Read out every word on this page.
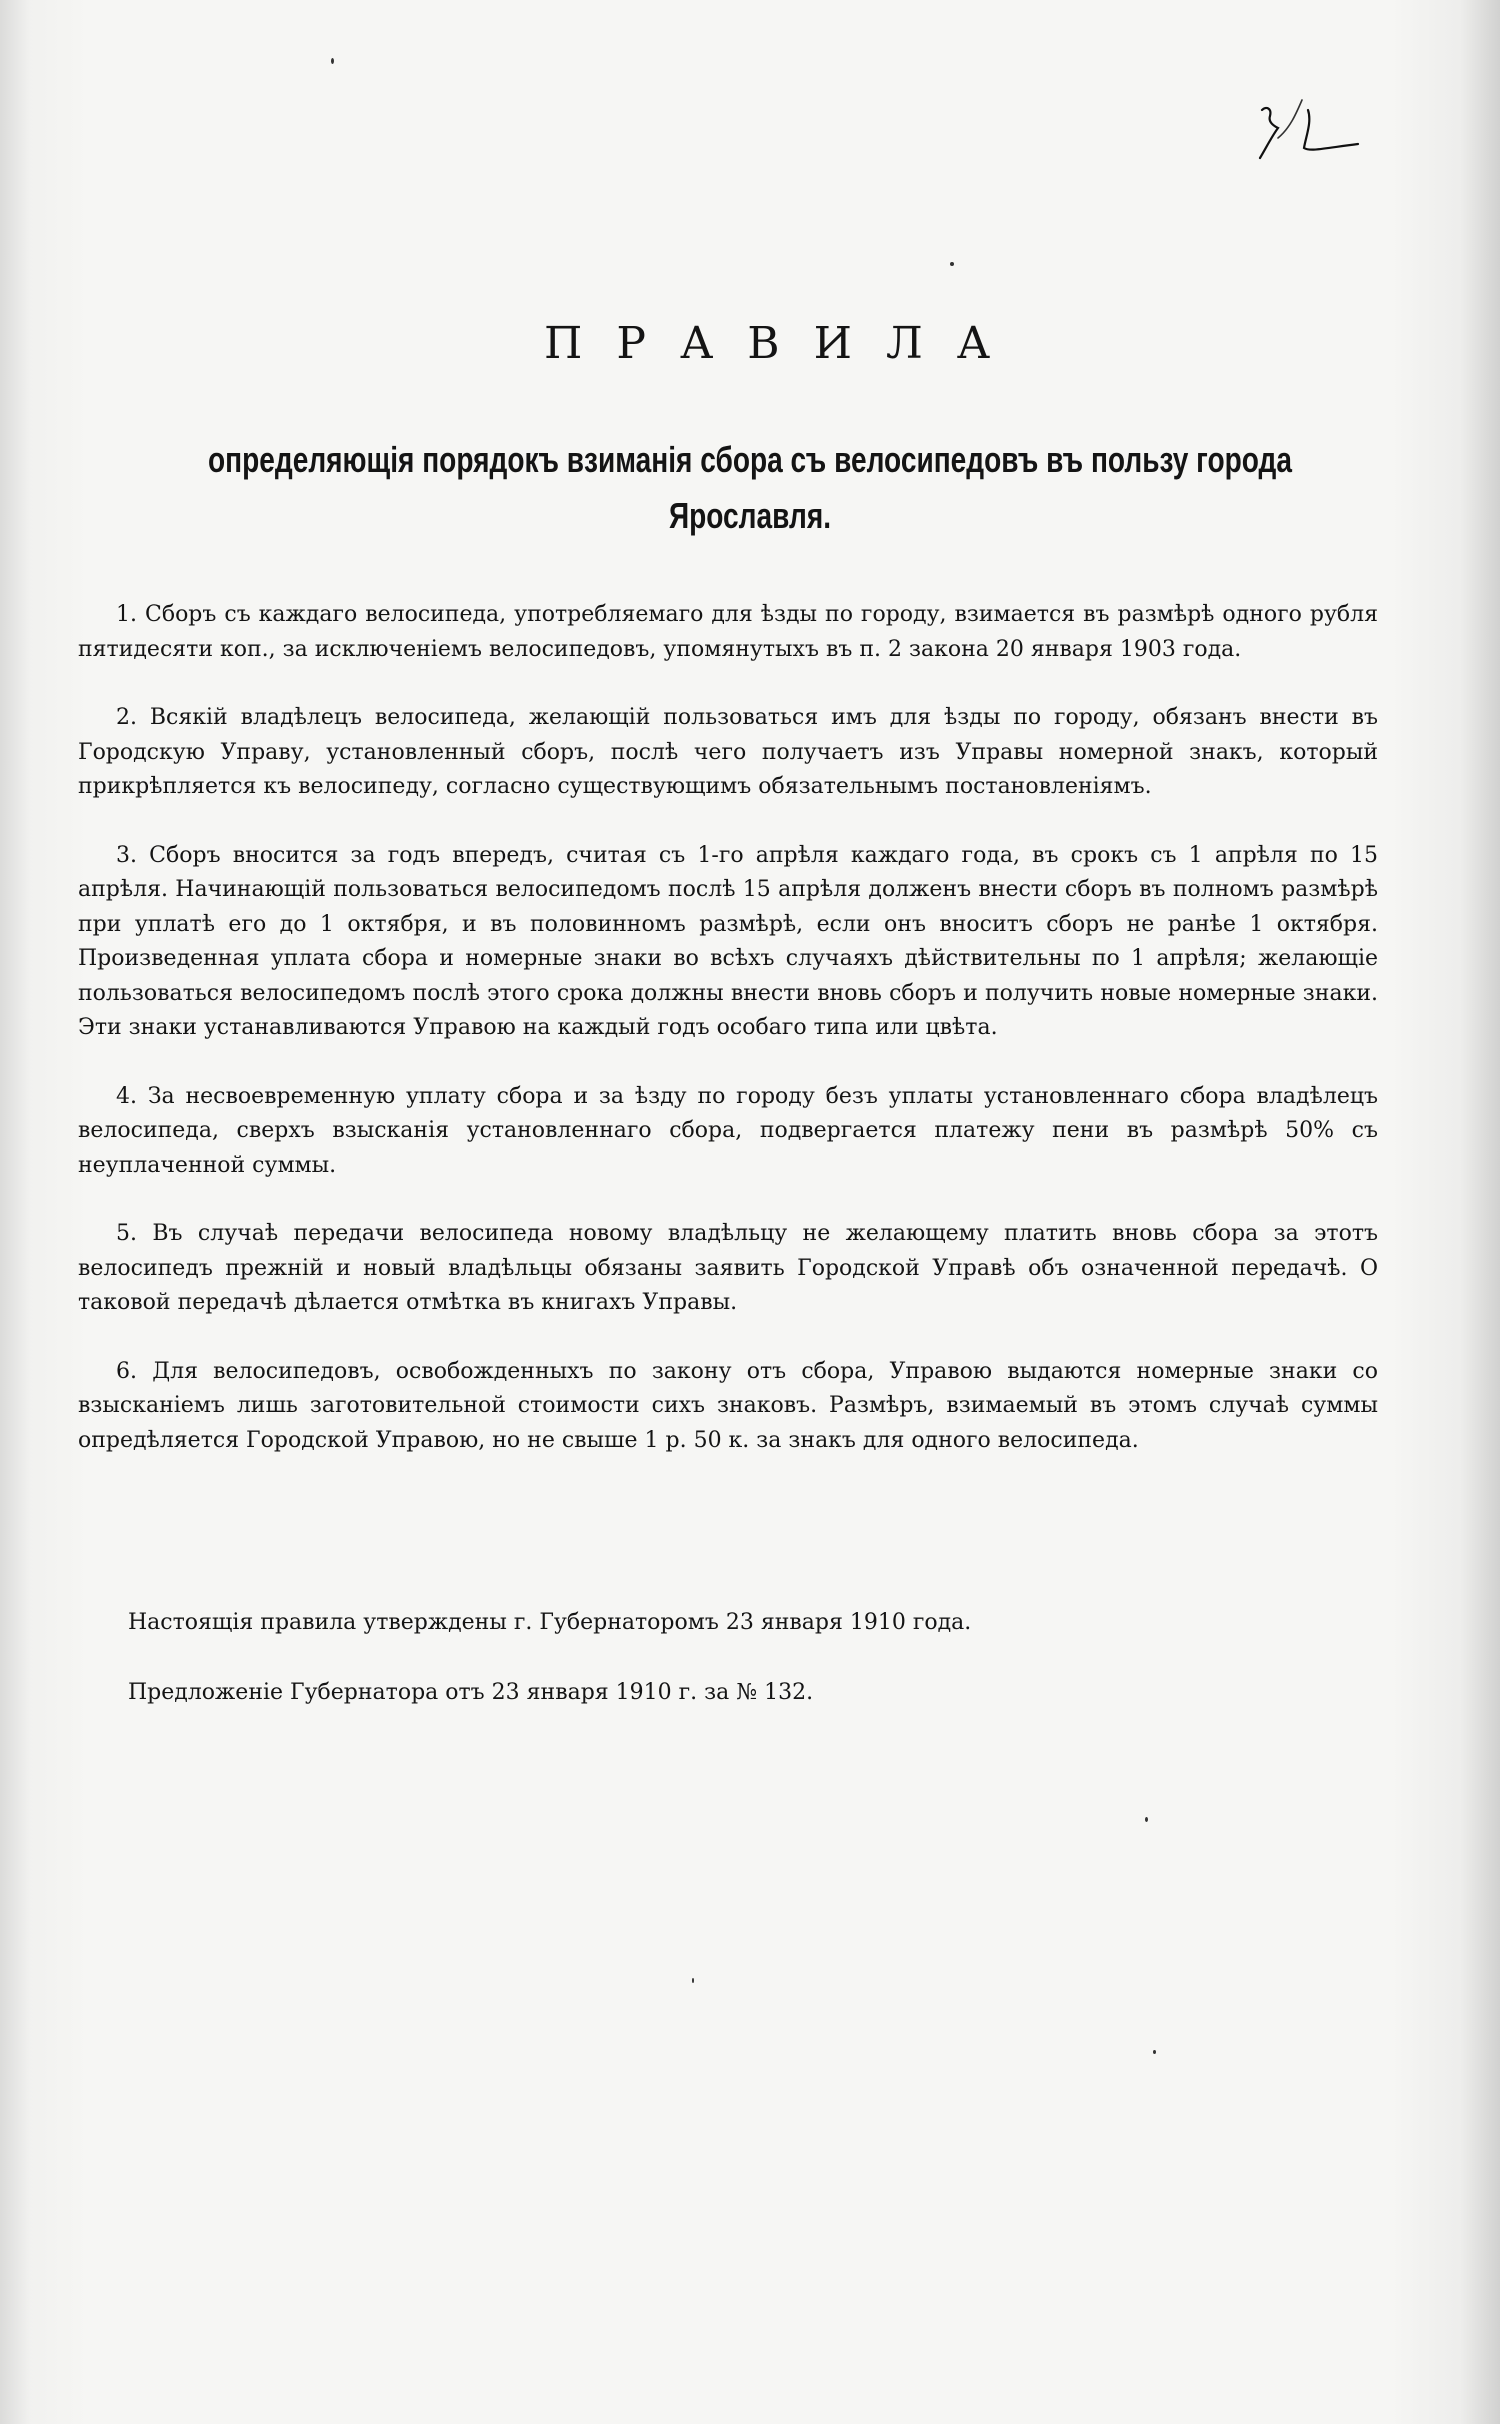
ПРАВИЛА
определяющія порядокъ взиманія сбора съ велосипедовъ въ пользу города Ярославля.

1. Сборъ съ каждаго велосипеда, употребляемаго для ѣзды по городу, взимается въ размѣрѣ одного рубля пятидесяти коп., за исключеніемъ велосипедовъ, упомянутыхъ въ п. 2 закона 20 января 1903 года.

2. Всякій владѣлецъ велосипеда, желающій пользоваться имъ для ѣзды по городу, обязанъ внести въ Городскую Управу, установленный сборъ, послѣ чего получаетъ изъ Управы номерной знакъ, который прикрѣпляется къ велосипеду, согласно существующимъ обязательнымъ постановленіямъ.

3. Сборъ вносится за годъ впередъ, считая съ 1-го апрѣля каждаго года, въ срокъ съ 1 апрѣля по 15 апрѣля. Начинающій пользоваться велосипедомъ послѣ 15 апрѣля долженъ внести сборъ въ полномъ размѣрѣ при уплатѣ его до 1 октября, и въ половинномъ размѣрѣ, если онъ вноситъ сборъ не ранѣе 1 октября. Произведенная уплата сбора и номерные знаки во всѣхъ случаяхъ дѣйствительны по 1 апрѣля; желающіе пользоваться велосипедомъ послѣ этого срока должны внести вновь сборъ и получить новые номерные знаки. Эти знаки устанавливаются Управою на каждый годъ особаго типа или цвѣта.

4. За несвоевременную уплату сбора и за ѣзду по городу безъ уплаты установленнаго сбора владѣлецъ велосипеда, сверхъ взысканія установленнаго сбора, подвергается платежу пени въ размѣрѣ 50% съ неуплаченной суммы.

5. Въ случаѣ передачи велосипеда новому владѣльцу не желающему платить вновь сбора за этотъ велосипедъ прежній и новый владѣльцы обязаны заявить Городской Управѣ объ означенной передачѣ. О таковой передачѣ дѣлается отмѣтка въ книгахъ Управы.

6. Для велосипедовъ, освобожденныхъ по закону отъ сбора, Управою выдаются номерные знаки со взысканіемъ лишь заготовительной стоимости сихъ знаковъ. Размѣръ, взимаемый въ этомъ случаѣ суммы опредѣляется Городской Управою, но не свыше 1 р. 50 к. за знакъ для одного велосипеда.

Настоящія правила утверждены г. Губернаторомъ 23 января 1910 года.
Предложеніе Губернатора отъ 23 января 1910 г. за № 132.
